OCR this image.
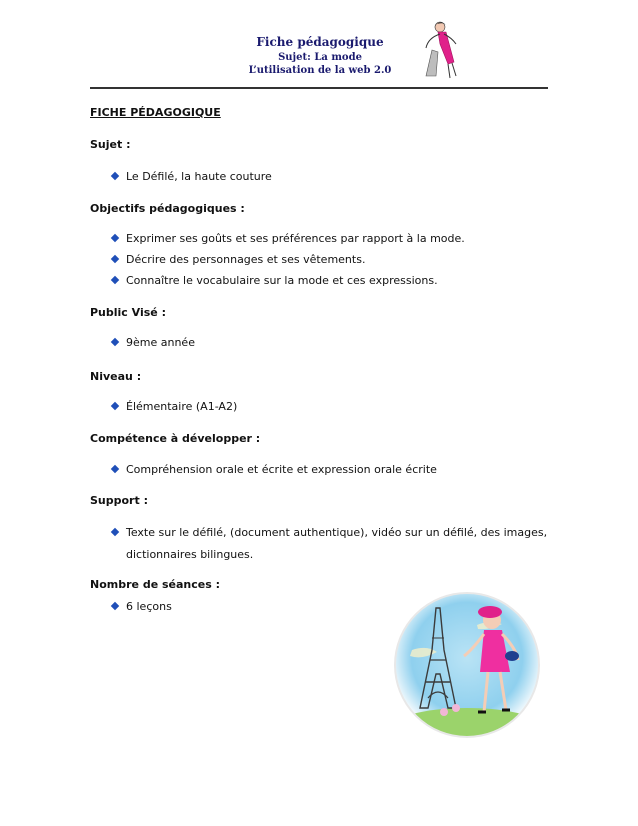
Fiche pédagogique
Sujet: La mode
L’utilisation de la web 2.0
FICHE PÉDAGOGIQUE
Sujet :
Le Défilé, la haute couture
Objectifs pédagogiques :
Exprimer ses goûts et ses préférences par rapport à la mode.
Décrire des personnages et ses vêtements.
Connaître le vocabulaire sur la mode et ces expressions.
Public Visé :
9ème année
Niveau :
Élémentaire (A1-A2)
Compétence à développer :
Compréhension orale et écrite et expression orale écrite
Support :
Texte sur le défilé, (document authentique), vidéo sur un défilé, des images, dictionnaires bilingues.
Nombre de séances :
6 leçons
